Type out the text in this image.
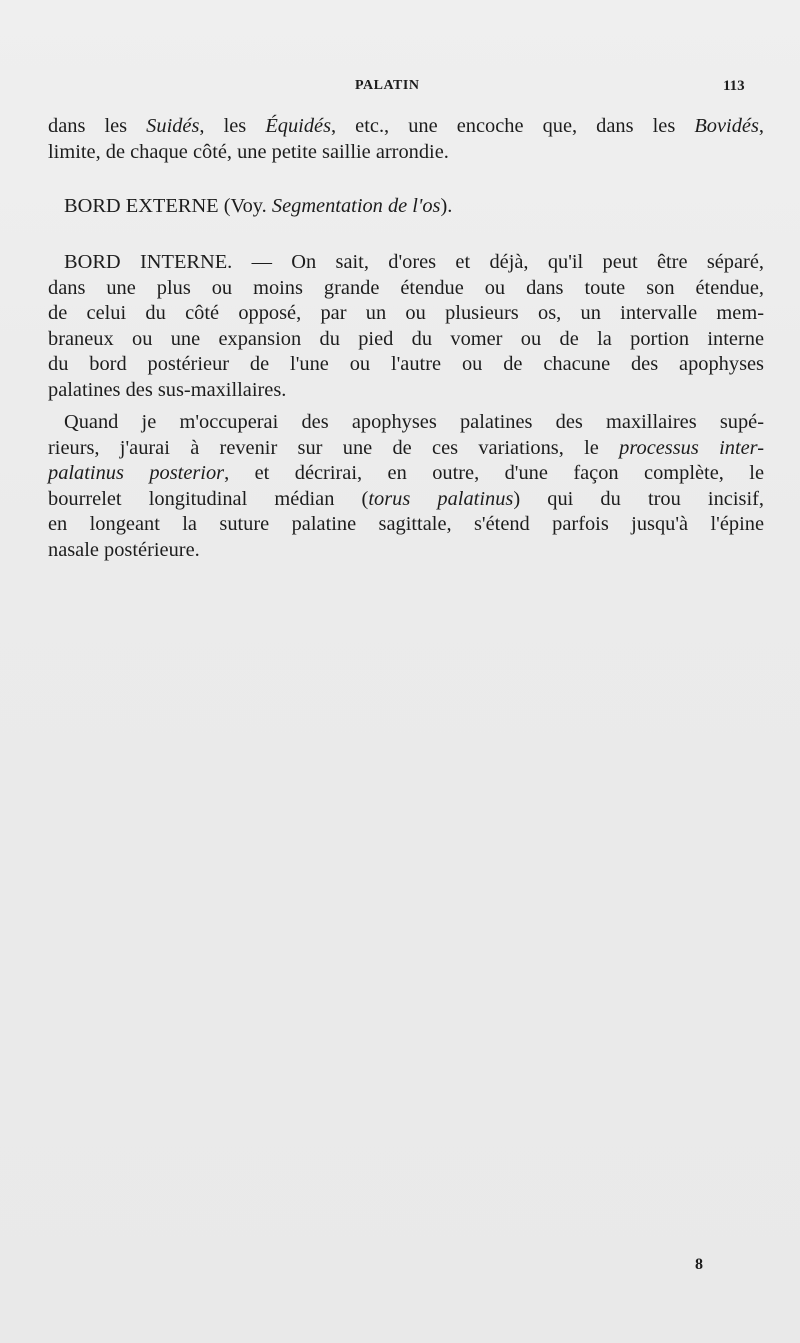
PALATIN	113
dans les Suidés, les Équidés, etc., une encoche que, dans les Bovidés,
limite, de chaque côté, une petite saillie arrondie.
BORD EXTERNE (Voy. Segmentation de l'os).
BORD INTERNE. — On sait, d'ores et déjà, qu'il peut être séparé,
dans une plus ou moins grande étendue ou dans toute son étendue,
de celui du côté opposé, par un ou plusieurs os, un intervalle mem-
braneux ou une expansion du pied du vomer ou de la portion interne
du bord postérieur de l'une ou l'autre ou de chacune des apophyses
palatines des sus-maxillaires.
Quand je m'occuperai des apophyses palatines des maxillaires supé-
rieurs, j'aurai à revenir sur une de ces variations, le processus inter-
palatinus posterior, et décrirai, en outre, d'une façon complète, le
bourrelet longitudinal médian (torus palatinus) qui du trou incisif,
en longeant la suture palatine sagittale, s'étend parfois jusqu'à l'épine
nasale postérieure.
8
